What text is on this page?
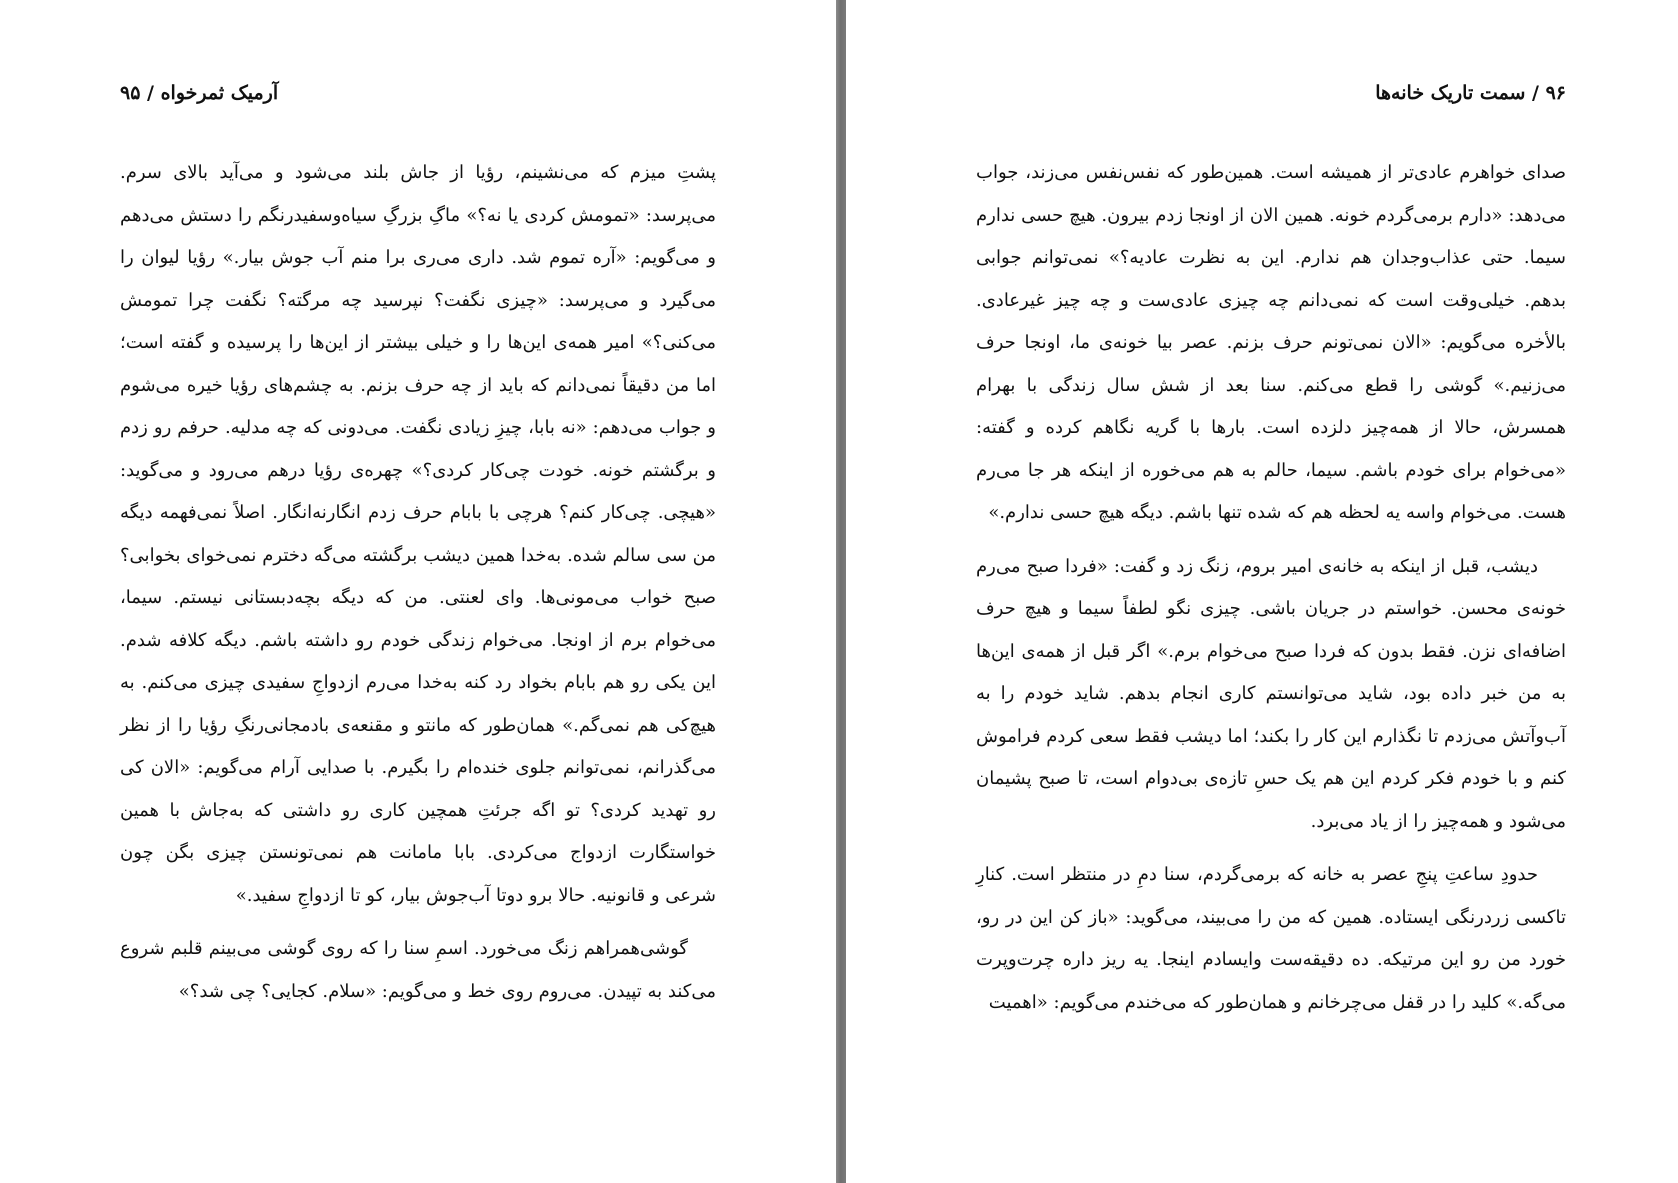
آرمیک ثمرخواه / ۹۵

پشتِ میزم که می‌نشینم، رؤیا از جاش بلند می‌شود و می‌آید بالای سرم. می‌پرسد: «تمومش کردی یا نه؟» ماگِ بزرگِ سیاه‌وسفیدرنگم را دستش می‌دهم و می‌گویم: «آره تموم شد. داری می‌ری برا منم آب جوش بیار.» رؤیا لیوان را می‌گیرد و می‌پرسد: «چیزی نگفت؟ نپرسید چه مرگته؟ نگفت چرا تمومش می‌کنی؟» امیر همه‌ی این‌ها را و خیلی بیشتر از این‌ها را پرسیده و گفته است؛ اما من دقیقاً نمی‌دانم که باید از چه حرف بزنم. به چشم‌های رؤیا خیره می‌شوم و جواب می‌دهم: «نه بابا، چیزِ زیادی نگفت. می‌دونی که چه مدلیه. حرفم رو زدم و برگشتم خونه. خودت چی‌کار کردی؟» چهره‌ی رؤیا درهم می‌رود و می‌گوید: «هیچی. چی‌کار کنم؟ هرچی با بابام حرف زدم انگارنه‌انگار. اصلاً نمی‌فهمه دیگه من سی سالم شده. به‌خدا همین دیشب برگشته می‌گه دخترم نمی‌خوای بخوابی؟ صبح خواب می‌مونی‌ها. وای لعنتی. من که دیگه بچه‌دبستانی نیستم. سیما، می‌خوام برم از اونجا. می‌خوام زندگی خودم رو داشته باشم. دیگه کلافه شدم. این یکی رو هم بابام بخواد رد کنه به‌خدا می‌رم ازدواجِ سفیدی چیزی می‌کنم. به هیچ‌کی هم نمی‌گم.» همان‌طور که مانتو و مقنعه‌ی بادمجانی‌رنگِ رؤیا را از نظر می‌گذرانم، نمی‌توانم جلوی خنده‌ام را بگیرم. با صدایی آرام می‌گویم: «الان کی رو تهدید کردی؟ تو اگه جرئتِ همچین کاری رو داشتی که به‌جاش با همین خواستگارت ازدواج می‌کردی. بابا مامانت هم نمی‌تونستن چیزی بگن چون شرعی و قانونیه. حالا برو دوتا آب‌جوش بیار، کو تا ازدواجِ سفید.»

گوشی‌همراهم زنگ می‌خورد. اسمِ سنا را که روی گوشی می‌بینم قلبم شروع می‌کند به تپیدن. می‌روم روی خط و می‌گویم: «سلام. کجایی؟ چی شد؟»

۹۶ / سمت تاریک خانه‌ها

صدای خواهرم عادی‌تر از همیشه است. همین‌طور که نفس‌نفس می‌زند، جواب می‌دهد: «دارم برمی‌گردم خونه. همین الان از اونجا زدم بیرون. هیچ حسی ندارم سیما. حتی عذاب‌وجدان هم ندارم. این به نظرت عادیه؟» نمی‌توانم جوابی بدهم. خیلی‌وقت است که نمی‌دانم چه چیزی عادی‌ست و چه چیز غیرعادی. بالأخره می‌گویم: «الان نمی‌تونم حرف بزنم. عصر بیا خونه‌ی ما، اونجا حرف می‌زنیم.» گوشی را قطع می‌کنم. سنا بعد از شش سال زندگی با بهرام همسرش، حالا از همه‌چیز دلزده است. بارها با گریه نگاهم کرده و گفته: «می‌خوام برای خودم باشم. سیما، حالم به هم می‌خوره از اینکه هر جا می‌رم هست. می‌خوام واسه یه لحظه هم که شده تنها باشم. دیگه هیچ حسی ندارم.»

دیشب، قبل از اینکه به خانه‌ی امیر بروم، زنگ زد و گفت: «فردا صبح می‌رم خونه‌ی محسن. خواستم در جریان باشی. چیزی نگو لطفاً سیما و هیچ حرف اضافه‌ای نزن. فقط بدون که فردا صبح می‌خوام برم.» اگر قبل از همه‌ی این‌ها به من خبر داده بود، شاید می‌توانستم کاری انجام بدهم. شاید خودم را به آب‌وآتش می‌زدم تا نگذارم این کار را بکند؛ اما دیشب فقط سعی کردم فراموش کنم و با خودم فکر کردم این هم یک حسِ تازه‌ی بی‌دوام است، تا صبح پشیمان می‌شود و همه‌چیز را از یاد می‌برد.

حدودِ ساعتِ پنجِ عصر به خانه که برمی‌گردم، سنا دمِ در منتظر است. کنارِ تاکسی زردرنگی ایستاده. همین که من را می‌بیند، می‌گوید: «باز کن این در رو، خورد من رو این مرتیکه. ده دقیقه‌ست وایسادم اینجا. یه ریز داره چرت‌وپرت می‌گه.» کلید را در قفل می‌چرخانم و همان‌طور که می‌خندم می‌گویم: «اهمیت
